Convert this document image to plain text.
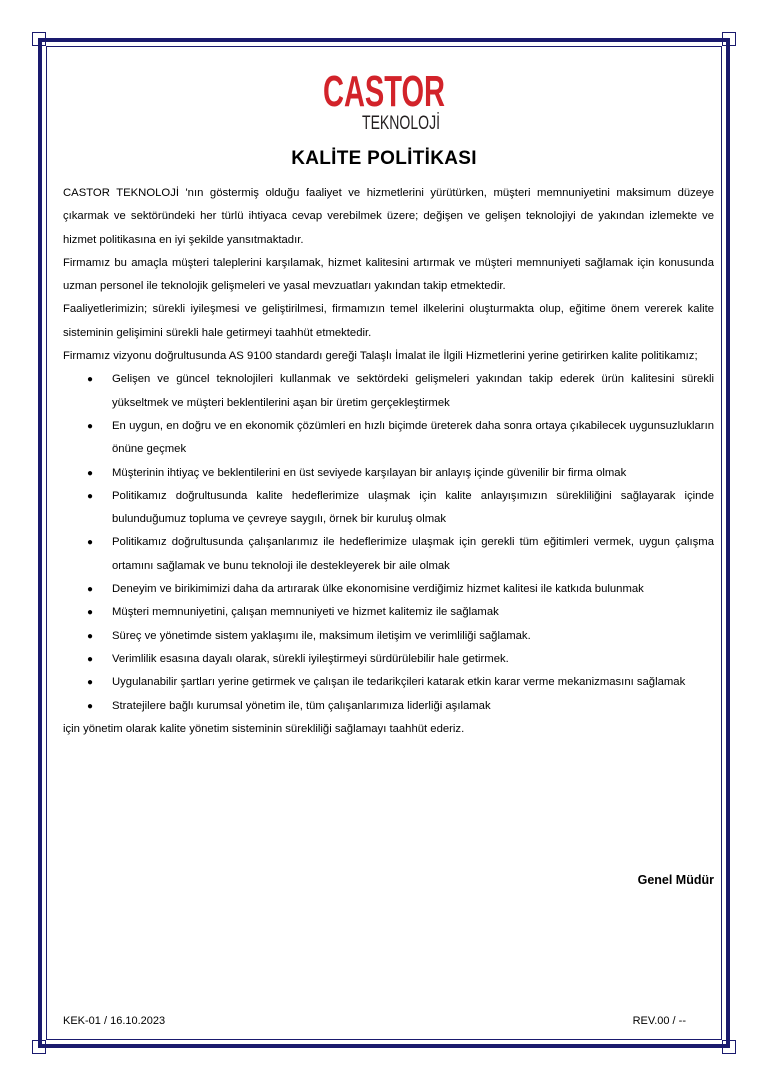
CASTOR
TEKNOLOJİ
KALİTE POLİTİKASI

CASTOR TEKNOLOJİ 'nın göstermiş olduğu faaliyet ve hizmetlerini yürütürken, müşteri memnuniyetini maksimum düzeye çıkarmak ve sektöründeki her türlü ihtiyaca cevap verebilmek üzere; değişen ve gelişen teknolojiyi de yakından izlemekte ve hizmet politikasına en iyi şekilde yansıtmaktadır.

Firmamız bu amaçla müşteri taleplerini karşılamak, hizmet kalitesini artırmak ve müşteri memnuniyeti sağlamak için konusunda uzman personel ile teknolojik gelişmeleri ve yasal mevzuatları yakından takip etmektedir.

Faaliyetlerimizin; sürekli iyileşmesi ve geliştirilmesi, firmamızın temel ilkelerini oluşturmakta olup, eğitime önem vererek kalite sisteminin gelişimini sürekli hale getirmeyi taahhüt etmektedir.

Firmamız vizyonu doğrultusunda AS 9100 standardı gereği Talaşlı İmalat ile İlgili Hizmetlerini yerine getirirken kalite politikamız;

● Gelişen ve güncel teknolojileri kullanmak ve sektördeki gelişmeleri yakından takip ederek ürün kalitesini sürekli yükseltmek ve müşteri beklentilerini aşan bir üretim gerçekleştirmek
● En uygun, en doğru ve en ekonomik çözümleri en hızlı biçimde üreterek daha sonra ortaya çıkabilecek uygunsuzlukların önüne geçmek
● Müşterinin ihtiyaç ve beklentilerini en üst seviyede karşılayan bir anlayış içinde güvenilir bir firma olmak
● Politikamız doğrultusunda kalite hedeflerimize ulaşmak için kalite anlayışımızın sürekliliğini sağlayarak içinde bulunduğumuz topluma ve çevreye saygılı, örnek bir kuruluş olmak
● Politikamız doğrultusunda çalışanlarımız ile hedeflerimize ulaşmak için gerekli tüm eğitimleri vermek, uygun çalışma ortamını sağlamak ve bunu teknoloji ile destekleyerek bir aile olmak
● Deneyim ve birikimimizi daha da artırarak ülke ekonomisine verdiğimiz hizmet kalitesi ile katkıda bulunmak
● Müşteri memnuniyetini, çalışan memnuniyeti ve hizmet kalitemiz ile sağlamak
● Süreç ve yönetimde sistem yaklaşımı ile, maksimum iletişim ve verimliliği sağlamak.
● Verimlilik esasına dayalı olarak, sürekli iyileştirmeyi sürdürülebilir hale getirmek.
● Uygulanabilir şartları yerine getirmek ve çalışan ile tedarikçileri katarak etkin karar verme mekanizmasını sağlamak
● Stratejilere bağlı kurumsal yönetim ile, tüm çalışanlarımıza liderliği aşılamak

için yönetim olarak kalite yönetim sisteminin sürekliliği sağlamayı taahhüt ederiz.

Genel Müdür
KEK-01 / 16.10.2023	REV.00 / --
